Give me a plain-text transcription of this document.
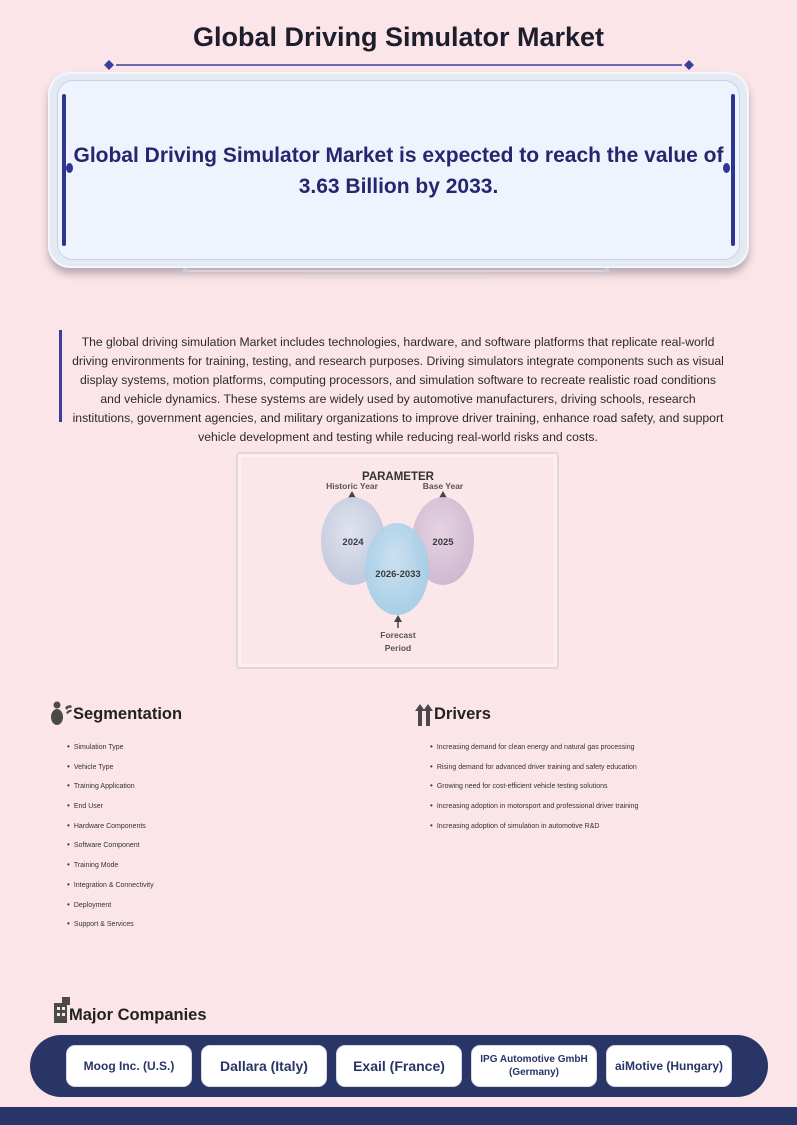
Global Driving Simulator Market
Global Driving Simulator Market is expected to reach the value of 3.63 Billion by 2033.

The global driving simulation Market includes technologies, hardware, and software platforms that replicate real-world driving environments for training, testing, and research purposes. Driving simulators integrate components such as visual display systems, motion platforms, computing processors, and simulation software to recreate realistic road conditions and vehicle dynamics. These systems are widely used by automotive manufacturers, driving schools, research institutions, government agencies, and military organizations to improve driver training, enhance road safety, and support vehicle development and testing while reducing real-world risks and costs.

PARAMETER
Historic Year	Base Year
2024	2025
2026-2033
Forecast
Period
Segmentation
• Simulation Type
• Vehicle Type
• Training Application
• End User
• Hardware Components
• Software Component
• Training Mode
• Integration & Connectivity
• Deployment
• Support & Services
Drivers
• Increasing demand for clean energy and natural gas processing
• Rising demand for advanced driver training and safety education
• Growing need for cost-efficient vehicle testing solutions
• Increasing adoption in motorsport and professional driver training
• Increasing adoption of simulation in automotive R&D
Major Companies
Moog Inc. (U.S.)	Dallara (Italy)	Exail (France)	IPG Automotive GmbH (Germany)	aiMotive (Hungary)
